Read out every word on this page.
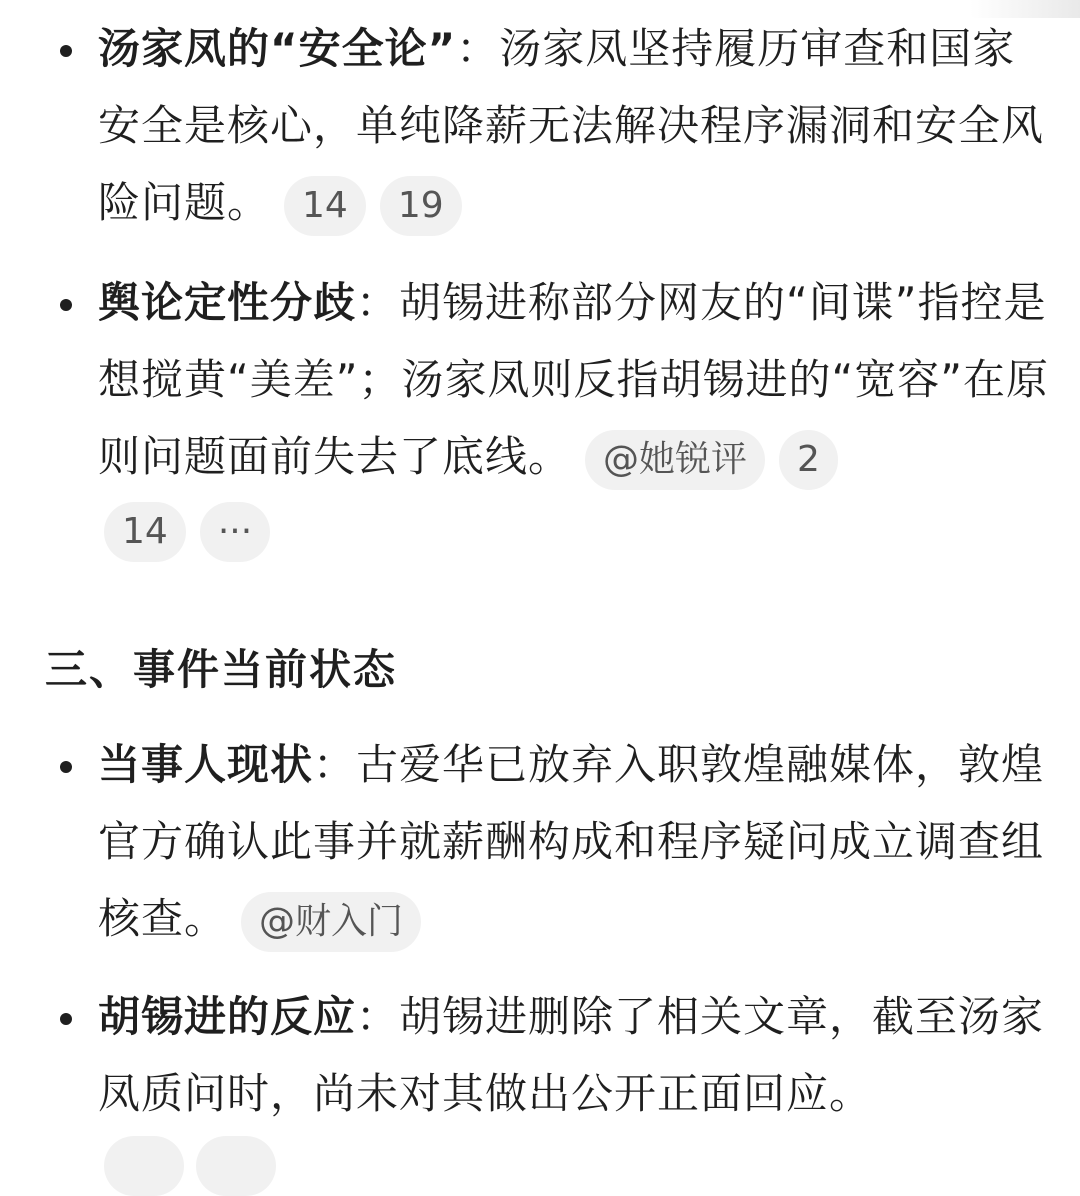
汤家凤的“安全论”：汤家凤坚持履历审查和国家安全是核心，单纯降薪无法解决程序漏洞和安全风险问题。 14 19
舆论定性分歧：胡锡进称部分网友的“间谍”指控是想搅黄“美差”；汤家凤则反指胡锡进的“宽容”在原则问题面前失去了底线。 @她锐评 2
14 ···
三、事件当前状态
当事人现状：古爱华已放弃入职敦煌融媒体，敦煌官方确认此事并就薪酬构成和程序疑问成立调查组核查。 @财入门
胡锡进的反应：胡锡进删除了相关文章，截至汤家凤质问时，尚未对其做出公开正面回应。
